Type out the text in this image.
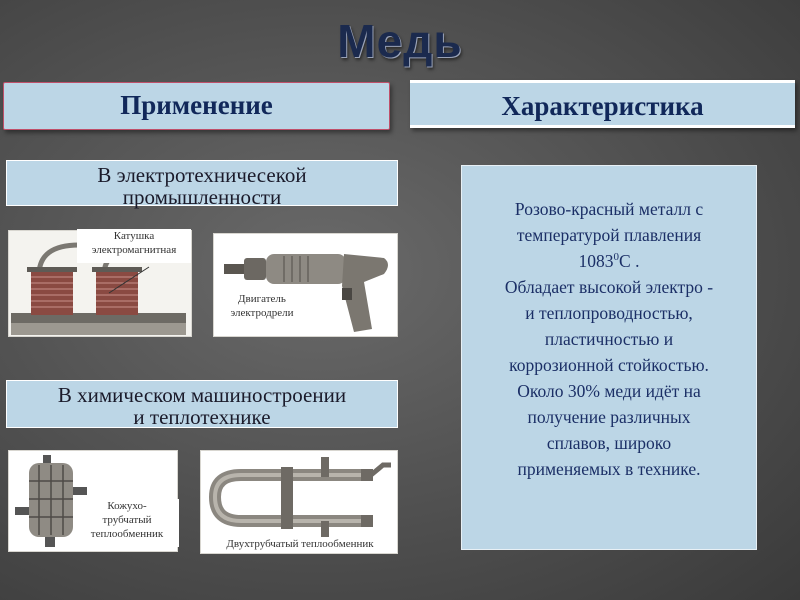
Медь
Применение	Характеристика
В электротехничесекой
промышленности
Катушка
электромагнитная
Двигатель
электродрели
В химическом машиностроении
и теплотехнике
Кожухо-
трубчатый
теплообменник
Двухтрубчатый теплообменник

Розово-красный металл с

температурой плавления

1083$^0$С .

Обладает высокой электро -

и теплопроводностью,

пластичностью и

коррозионной стойкостью.

Около 30% меди идёт на

получение различных

сплавов, широко

применяемых в технике.
